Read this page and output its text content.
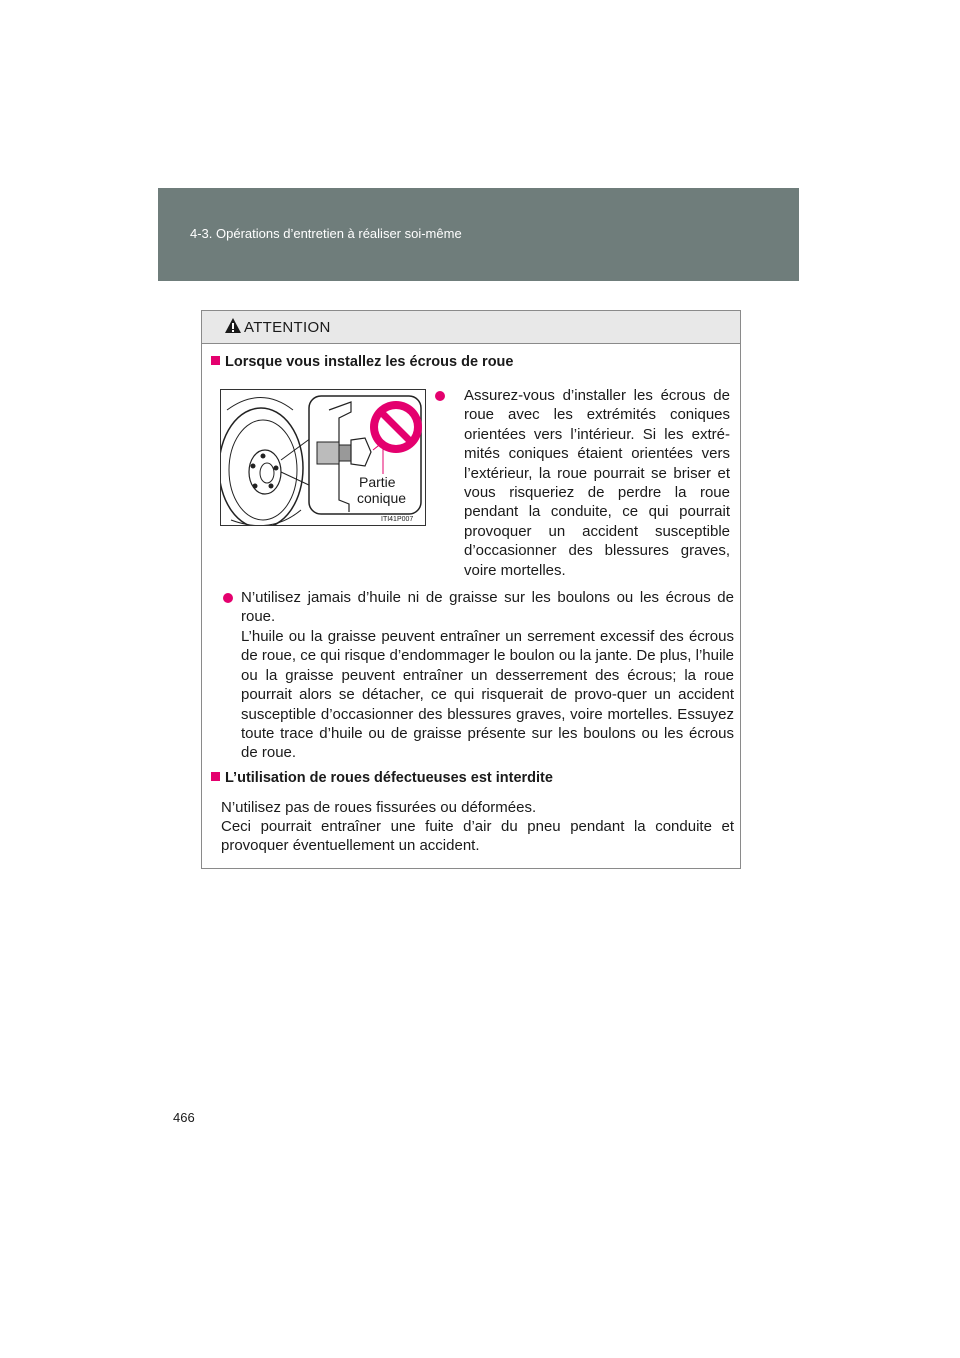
4-3. Opérations d’entretien à réaliser soi-même
ATTENTION
Lorsque vous installez les écrous de roue
Partie
conique
ITI41P007
Assurez-vous d’installer les écrous de roue avec les extrémités coniques orientées vers l’intérieur. Si les extré-mités coniques étaient orientées vers l’extérieur, la roue pourrait se briser et vous risqueriez de perdre la roue pendant la conduite, ce qui pourrait provoquer un accident susceptible d’occasionner des blessures graves, voire mortelles.
N’utilisez jamais d’huile ni de graisse sur les boulons ou les écrous de roue.
L’huile ou la graisse peuvent entraîner un serrement excessif des écrous de roue, ce qui risque d’endommager le boulon ou la jante. De plus, l’huile ou la graisse peuvent entraîner un desserrement des écrous; la roue pourrait alors se détacher, ce qui risquerait de provo-quer un accident susceptible d’occasionner des blessures graves, voire mortelles. Essuyez toute trace d’huile ou de graisse présente sur les boulons ou les écrous de roue.
L’utilisation de roues défectueuses est interdite
N’utilisez pas de roues fissurées ou déformées.
Ceci pourrait entraîner une fuite d’air du pneu pendant la conduite et provoquer éventuellement un accident.
466
